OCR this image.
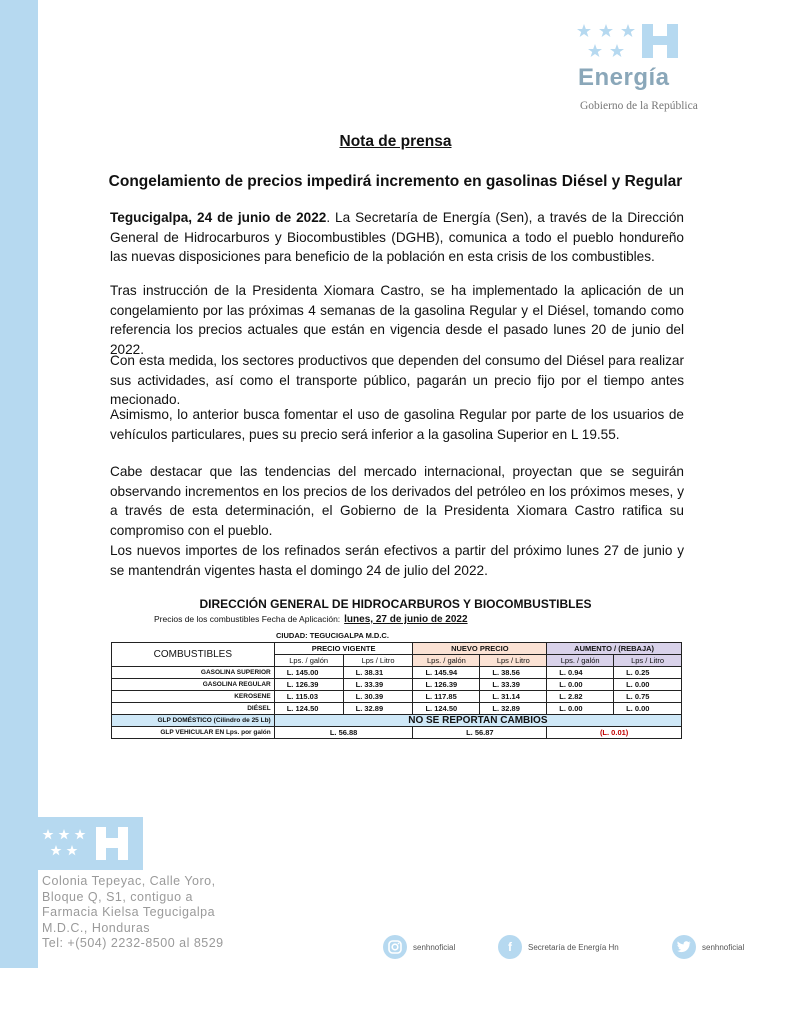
Energía
Gobierno de la República
Nota de prensa
Congelamiento de precios impedirá incremento en gasolinas Diésel y Regular
Tegucigalpa, 24 de junio de 2022. La Secretaría de Energía (Sen), a través de la Dirección General de Hidrocarburos y Biocombustibles (DGHB), comunica a todo el pueblo hondureño las nuevas disposiciones para beneficio de la población en esta crisis de los combustibles.
Tras instrucción de la Presidenta Xiomara Castro, se ha implementado la aplicación de un congelamiento por las próximas 4 semanas de la gasolina Regular y el Diésel, tomando como referencia los precios actuales que están en vigencia desde el pasado lunes 20 de junio del 2022.
Con esta medida, los sectores productivos que dependen del consumo del Diésel para realizar sus actividades, así como el transporte público, pagarán un precio fijo por el tiempo antes mecionado.
Asimismo, lo anterior busca fomentar el uso de gasolina Regular por parte de los usuarios de vehículos particulares, pues su precio será inferior a la gasolina Superior en L 19.55.
Cabe destacar que las tendencias del mercado internacional, proyectan que se seguirán observando incrementos en los precios de los derivados del petróleo en los próximos meses, y a través de esta determinación, el Gobierno de la Presidenta Xiomara Castro ratifica su compromiso con el pueblo.
Los nuevos importes de los refinados serán efectivos a partir del próximo lunes 27 de junio y se mantendrán vigentes hasta el domingo 24 de julio del 2022.
DIRECCIÓN GENERAL DE HIDROCARBUROS Y BIOCOMBUSTIBLES
Precios de los combustibles Fecha de Aplicación: lunes, 27 de junio de 2022
CIUDAD: TEGUCIGALPA M.D.C.
COMBUSTIBLES	PRECIO VIGENTE		NUEVO PRECIO		AUMENTO / (REBAJA)	
	Lps. / galón	Lps / Litro	Lps. / galón	Lps / Litro	Lps. / galón	Lps / Litro
GASOLINA SUPERIOR	L. 145.00	L. 38.31	L. 145.94	L. 38.56	L. 0.94	L. 0.25
GASOLINA REGULAR	L. 126.39	L. 33.39	L. 126.39	L. 33.39	L. 0.00	L. 0.00
KEROSENE	L. 115.03	L. 30.39	L. 117.85	L. 31.14	L. 2.82	L. 0.75
DIÉSEL	L. 124.50	L. 32.89	L. 124.50	L. 32.89	L. 0.00	L. 0.00
GLP DOMÉSTICO (Cilindro de 25 Lb)	NO SE REPORTAN CAMBIOS					
GLP VEHICULAR EN Lps. por galón	L. 56.88		L. 56.87		(L. 0.01)	
Colonia Tepeyac, Calle Yoro,
Bloque Q, S1, contiguo a
Farmacia Kielsa Tegucigalpa
M.D.C., Honduras
Tel: +(504) 2232-8500 al 8529	senhnoficial	f	Secretaría de Energía Hn	senhnoficial
